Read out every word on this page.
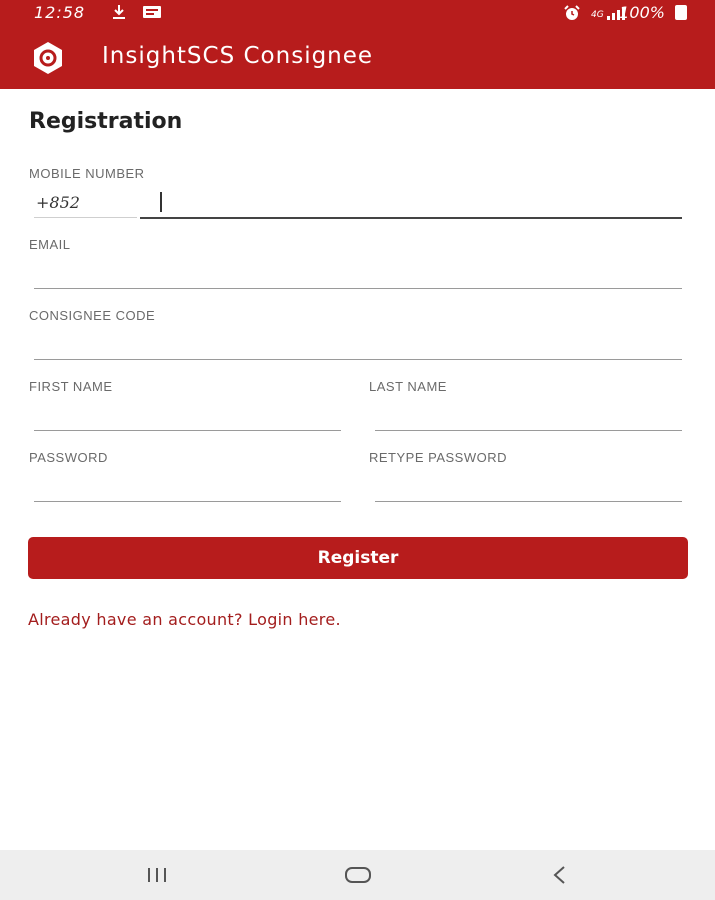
12:58	4G 100%
InsightSCS Consignee
Registration
MOBILE NUMBER
+852
EMAIL
CONSIGNEE CODE
FIRST NAME	LAST NAME
PASSWORD	RETYPE PASSWORD
Register
Already have an account? Login here.
